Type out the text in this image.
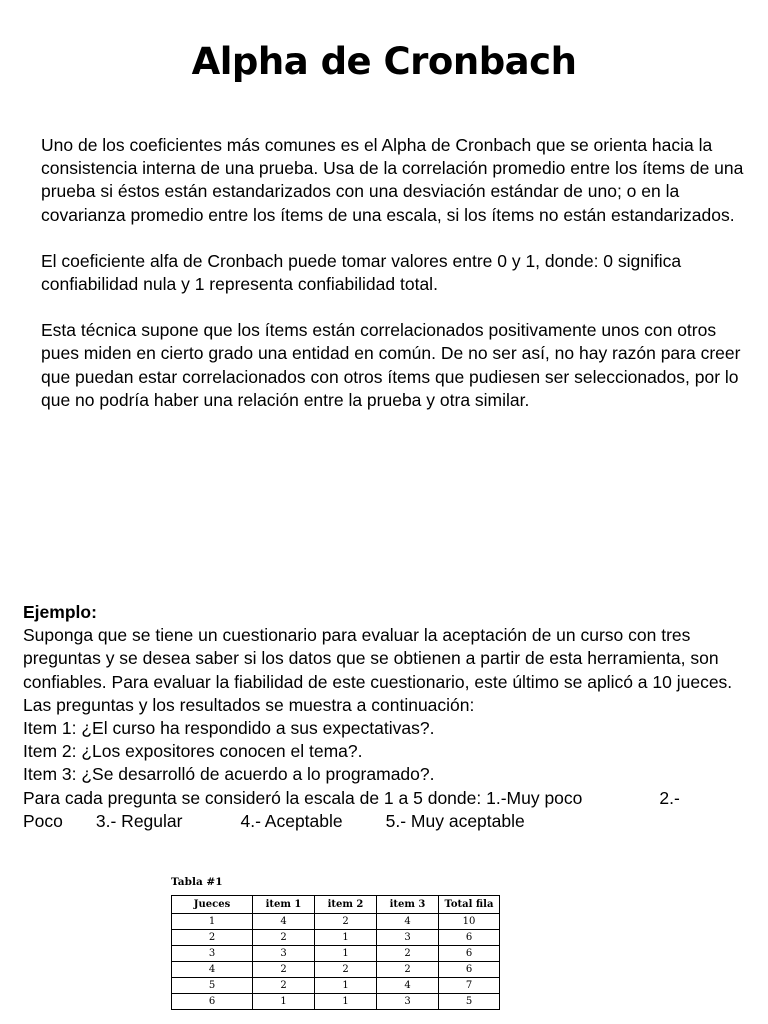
Alpha de Cronbach

Uno de los coeficientes más comunes es el Alpha de Cronbach que se orienta hacia la consistencia interna de una prueba. Usa de la correlación promedio entre los ítems de una prueba si éstos están estandarizados con una desviación estándar de uno; o en la covarianza promedio entre los ítems de una escala, si los ítems no están estandarizados.

El coeficiente alfa de Cronbach puede tomar valores entre 0 y 1, donde: 0 significa confiabilidad nula y 1 representa confiabilidad total.

Esta técnica supone que los ítems están correlacionados positivamente unos con otros pues miden en cierto grado una entidad en común. De no ser así, no hay razón para creer que puedan estar correlacionados con otros ítems que pudiesen ser seleccionados, por lo que no podría haber una relación entre la prueba y otra similar.

Ejemplo:
Suponga que se tiene un cuestionario para evaluar la aceptación de un curso con tres preguntas y se desea saber si los datos que se obtienen a partir de esta herramienta, son confiables. Para evaluar la fiabilidad de este cuestionario, este último se aplicó a 10 jueces. Las preguntas y los resultados se muestra a continuación:
Item 1: ¿El curso ha respondido a sus expectativas?.
Item 2: ¿Los expositores conocen el tema?.
Item 3: ¿Se desarrolló de acuerdo a lo programado?.
Para cada pregunta se consideró la escala de 1 a 5 donde: 1.-Muy poco	2.-
Poco 3.- Regular	4.- Aceptable 5.- Muy aceptable
Tabla #1
Jueces	item 1	item 2	item 3	Total fila
1	4	2	4	10
2	2	1	3	6
3	3	1	2	6
4	2	2	2	6
5	2	1	4	7
6	1	1	3	5
